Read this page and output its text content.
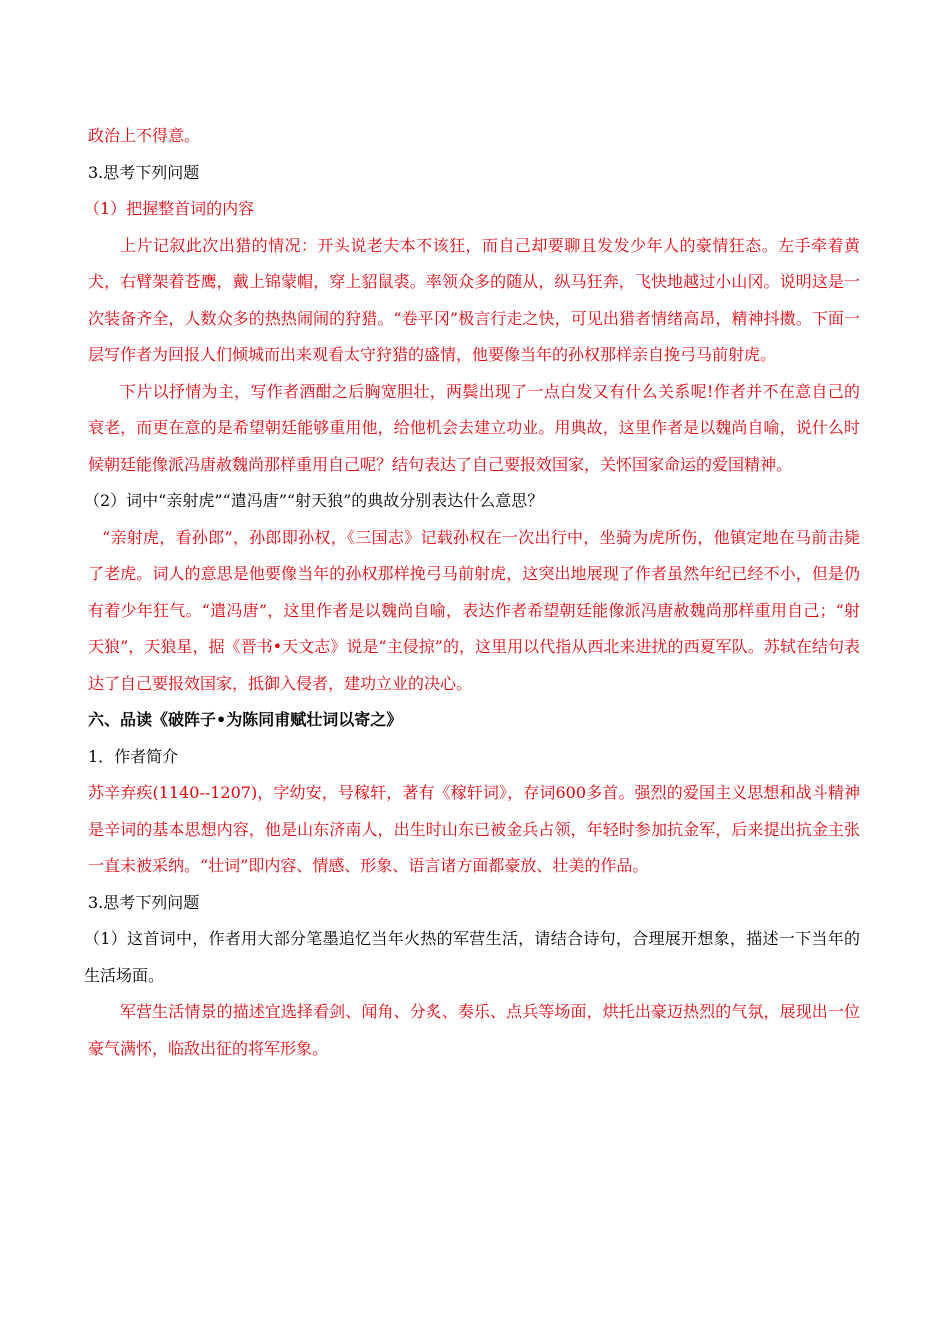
政治上不得意。

3.思考下列问题

（1）把握整首词的内容

上片记叙此次出猎的情况：开头说老夫本不该狂，而自己却要聊且发发少年人的豪情狂态。左手牵着黄犬，右臂架着苍鹰，戴上锦蒙帽，穿上貂鼠裘。率领众多的随从，纵马狂奔，飞快地越过小山冈。说明这是一次装备齐全，人数众多的热热闹闹的狩猎。“卷平冈”极言行走之快，可见出猎者情绪高昂，精神抖擞。下面一层写作者为回报人们倾城而出来观看太守狩猎的盛情，他要像当年的孙权那样亲自挽弓马前射虎。

下片以抒情为主，写作者酒酣之后胸宽胆壮，两鬓出现了一点白发又有什么关系呢!作者并不在意自己的衰老，而更在意的是希望朝廷能够重用他，给他机会去建立功业。用典故，这里作者是以魏尚自喻，说什么时候朝廷能像派冯唐赦魏尚那样重用自己呢？结句表达了自己要报效国家，关怀国家命运的爱国精神。

（2）词中“亲射虎”“遣冯唐”“射天狼”的典故分别表达什么意思？

“亲射虎，看孙郎”，孙郎即孙权，《三国志》记载孙权在一次出行中，坐骑为虎所伤，他镇定地在马前击毙了老虎。词人的意思是他要像当年的孙权那样挽弓马前射虎，这突出地展现了作者虽然年纪已经不小，但是仍有着少年狂气。“遣冯唐”，这里作者是以魏尚自喻，表达作者希望朝廷能像派冯唐赦魏尚那样重用自己；“射天狼”，天狼星，据《晋书•天文志》说是“主侵掠”的，这里用以代指从西北来进扰的西夏军队。苏轼在结句表达了自己要报效国家，抵御入侵者，建功立业的决心。

六、品读《破阵子•为陈同甫赋壮词以寄之》

1．作者简介

苏辛弃疾(1140--1207)，字幼安，号稼轩，著有《稼轩词》，存词600多首。强烈的爱国主义思想和战斗精神是辛词的基本思想内容，他是山东济南人，出生时山东已被金兵占领，年轻时参加抗金军，后来提出抗金主张一直未被采纳。“壮词”即内容、情感、形象、语言诸方面都豪放、壮美的作品。

3.思考下列问题

（1）这首词中，作者用大部分笔墨追忆当年火热的军营生活，请结合诗句，合理展开想象，描述一下当年的生活场面。

军营生活情景的描述宜选择看剑、闻角、分炙、奏乐、点兵等场面，烘托出豪迈热烈的气氛，展现出一位豪气满怀，临敌出征的将军形象。
